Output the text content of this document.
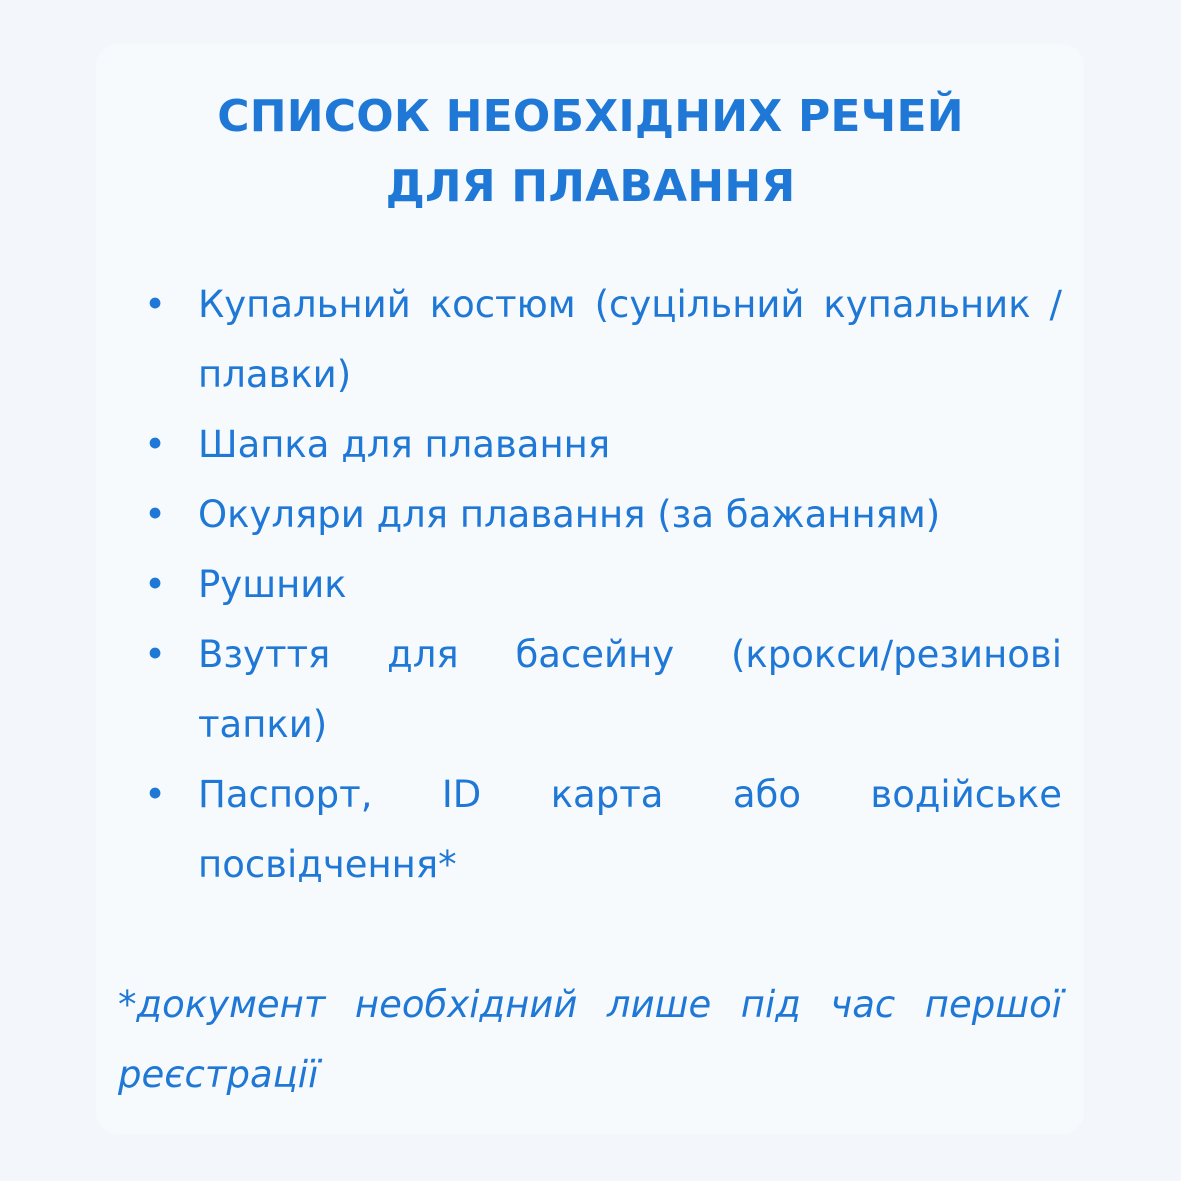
СПИСОК НЕОБХІДНИХ РЕЧЕЙ
ДЛЯ ПЛАВАННЯ
• Купальний костюм (суцільний купальник / плавки)
• Шапка для плавання
• Окуляри для плавання (за бажанням)
• Рушник
• Взуття для басейну (крокси/резинові тапки)
• Паспорт, ID карта або водійське посвідчення*

*документ необхідний лише під час першої реєстрації
